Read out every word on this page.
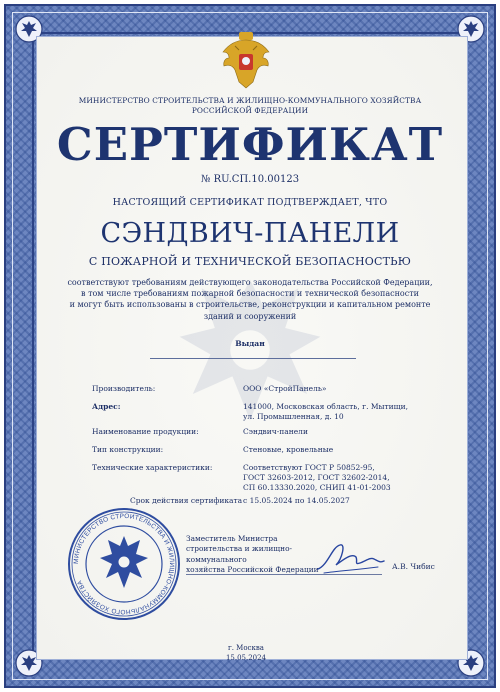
МИНИСТЕРСТВО СТРОИТЕЛЬСТВА И ЖИЛИЩНО-КОММУНАЛЬНОГО ХОЗЯЙСТВА
РОССИЙСКОЙ ФЕДЕРАЦИИ
СЕРТИФИКАТ
№ RU.СП.10.00123
НАСТОЯЩИЙ СЕРТИФИКАТ ПОДТВЕРЖДАЕТ, ЧТО
СЭНДВИЧ-ПАНЕЛИ
С ПОЖАРНОЙ И ТЕХНИЧЕСКОЙ БЕЗОПАСНОСТЬЮ
соответствуют требованиям действующего законодательства Российской Федерации,
в том числе требованиям пожарной безопасности и технической безопасности
и могут быть использованы в строительстве, реконструкции и капитальном ремонте
зданий и сооружений
Выдан
Производитель:	ООО «СтройПанель»
Адрес:	141000, Московская область, г. Мытищи,
ул. Промышленная, д. 10
Наименование продукции:	Сэндвич-панели
Тип конструкции:	Стеновые, кровельные
Технические характеристики:	Соответствуют ГОСТ Р 50852-95,
ГОСТ 32603-2012, ГОСТ 32602-2014,
СП 60.13330.2020, СНИП 41-01-2003
Срок действия сертификата с 15.05.2024 по 14.05.2027
МИНИСТЕРСТВО СТРОИТЕЛЬСТВА И ЖИЛИЩНО-КОММУНАЛЬНОГО ХОЗЯЙСТВА
Заместитель Министра
строительства и жилищно-коммунального
хозяйства Российской Федерации	А.В. Чибис
г. Москва
15.05.2024
